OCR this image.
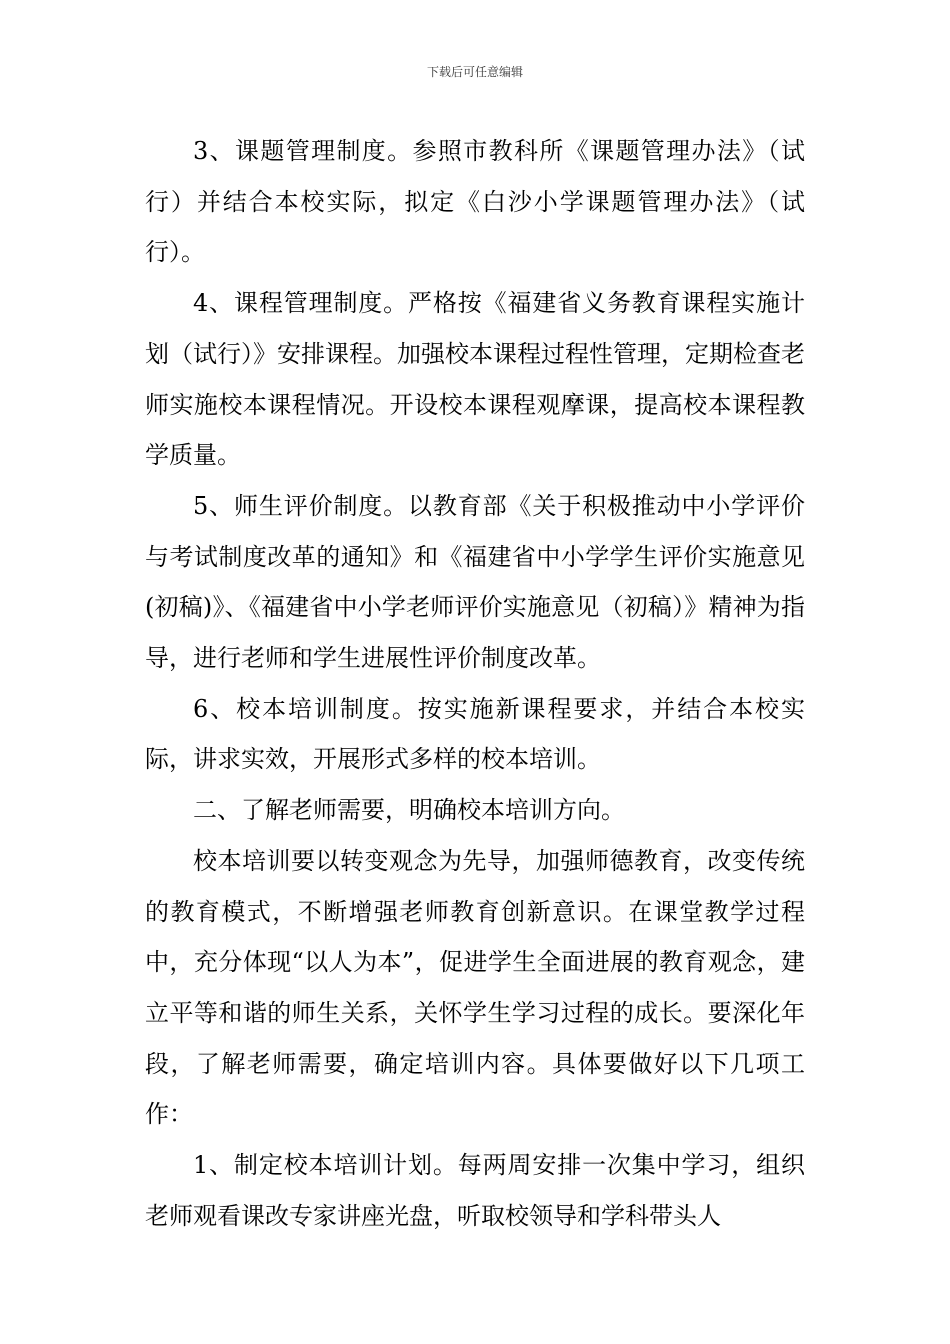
下载后可任意编辑

3、课题管理制度。参照市教科所《课题管理办法》（试行）并结合本校实际，拟定《白沙小学课题管理办法》（试行）。

4、课程管理制度。严格按《福建省义务教育课程实施计划（试行）》安排课程。加强校本课程过程性管理，定期检查老师实施校本课程情况。开设校本课程观摩课，提高校本课程教学质量。

5、师生评价制度。以教育部《关于积极推动中小学评价与考试制度改革的通知》和《福建省中小学学生评价实施意见(初稿)》、《福建省中小学老师评价实施意见（初稿）》精神为指导，进行老师和学生进展性评价制度改革。

6、校本培训制度。按实施新课程要求，并结合本校实际，讲求实效，开展形式多样的校本培训。

二、了解老师需要，明确校本培训方向。

校本培训要以转变观念为先导，加强师德教育，改变传统的教育模式，不断增强老师教育创新意识。在课堂教学过程中，充分体现“以人为本”，促进学生全面进展的教育观念，建立平等和谐的师生关系，关怀学生学习过程的成长。要深化年段，了解老师需要，确定培训内容。具体要做好以下几项工作：

1、制定校本培训计划。每两周安排一次集中学习，组织老师观看课改专家讲座光盘，听取校领导和学科带头人
